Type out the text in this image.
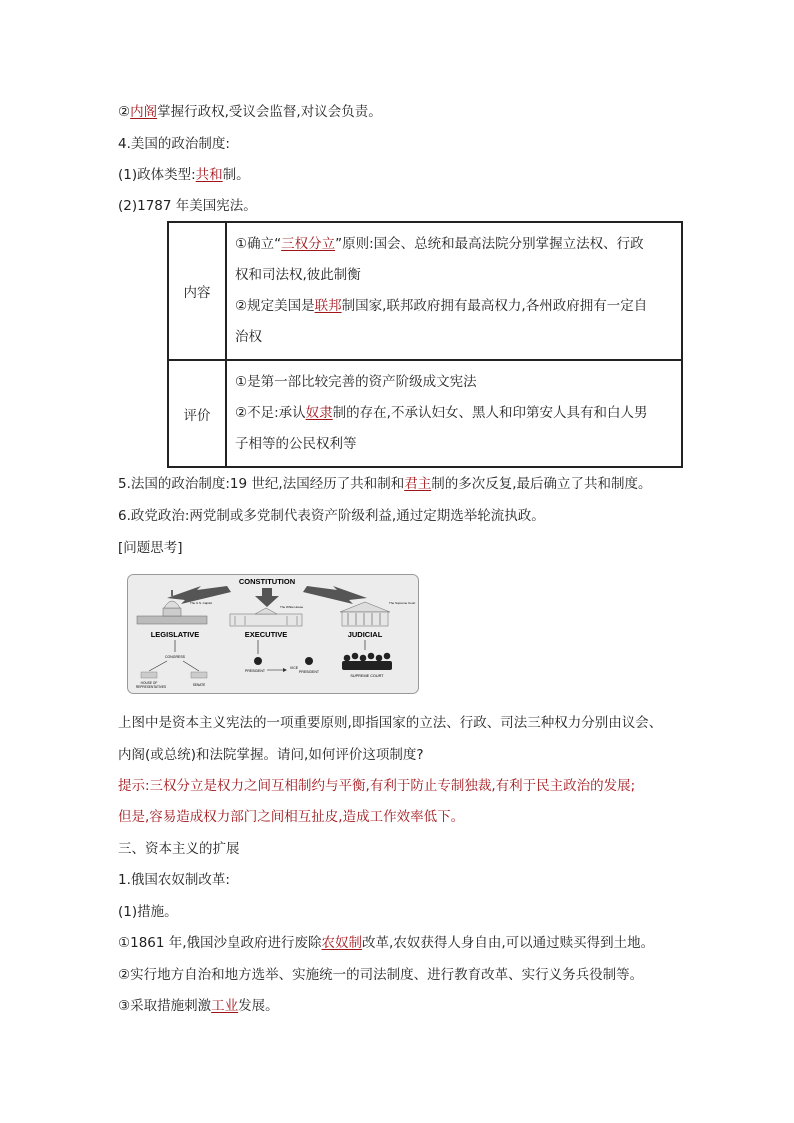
②内阁掌握行政权,受议会监督,对议会负责。
4.美国的政治制度:
(1)政体类型:共和制。
(2)1787 年美国宪法。
内容	①确立“三权分立”原则:国会、总统和最高法院分别掌握立法权、行政
权和司法权,彼此制衡
②规定美国是联邦制国家,联邦政府拥有最高权力,各州政府拥有一定自
治权

评价	①是第一部比较完善的资产阶级成文宪法
②不足:承认奴隶制的存在,不承认妇女、黑人和印第安人具有和白人男
子相等的公民权利等
5.法国的政治制度:19 世纪,法国经历了共和制和君主制的多次反复,最后确立了共和制度。
6.政党政治:两党制或多党制代表资产阶级利益,通过定期选举轮流执政。
[问题思考]
CONSTITUTION
The U.S. Capitol
The White House
The Supreme Court
LEGISLATIVE	EXECUTIVE	JUDICIAL
CONGRESS
HOUSE OF
REPRESENTATIVES	SENATE
PRESIDENT
VICE
PRESIDENT
SUPREME COURT
上图中是资本主义宪法的一项重要原则,即指国家的立法、行政、司法三种权力分别由议会、
内阁(或总统)和法院掌握。请问,如何评价这项制度?
提示:三权分立是权力之间互相制约与平衡,有利于防止专制独裁,有利于民主政治的发展;
但是,容易造成权力部门之间相互扯皮,造成工作效率低下。
三、资本主义的扩展
1.俄国农奴制改革:
(1)措施。
①1861 年,俄国沙皇政府进行废除农奴制改革,农奴获得人身自由,可以通过赎买得到土地。
②实行地方自治和地方选举、实施统一的司法制度、进行教育改革、实行义务兵役制等。
③采取措施刺激工业发展。
